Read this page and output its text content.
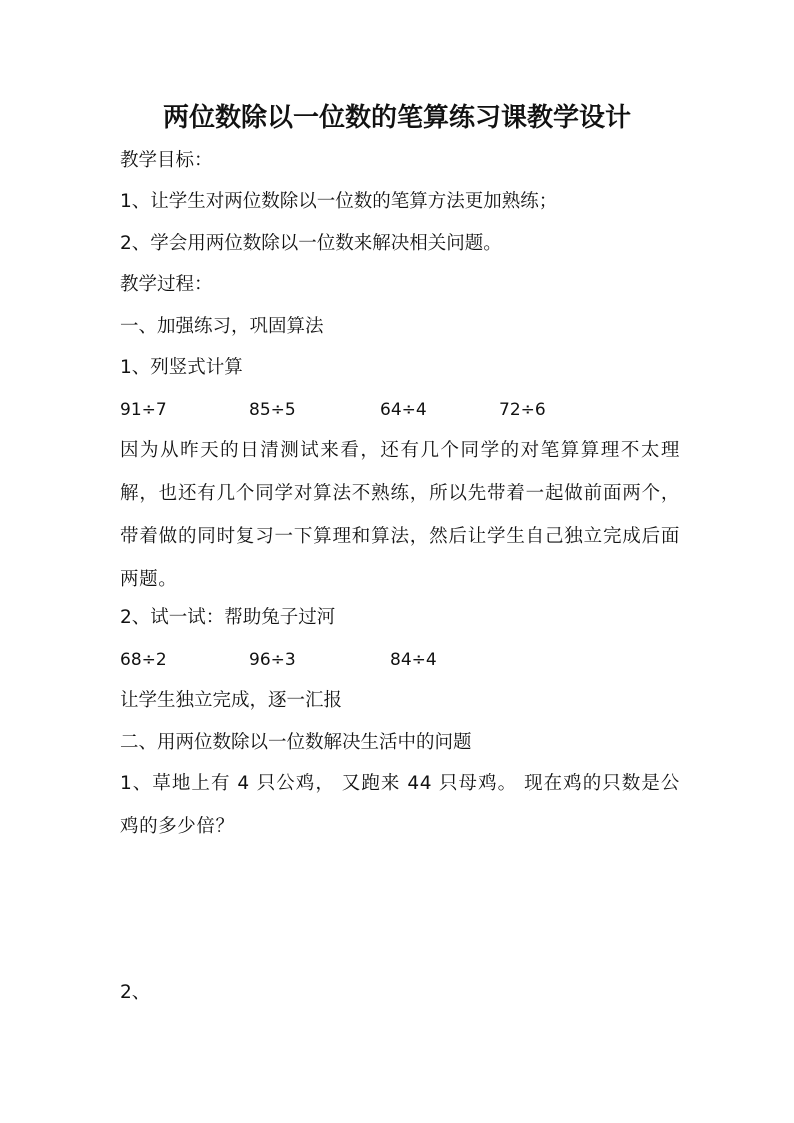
两位数除以一位数的笔算练习课教学设计
教学目标：
1、让学生对两位数除以一位数的笔算方法更加熟练；
2、学会用两位数除以一位数来解决相关问题。
教学过程：
一、加强练习，巩固算法
1、列竖式计算
91÷7	85÷5	64÷4	72÷6
因为从昨天的日清测试来看，还有几个同学的对笔算算理不太理解，也还有几个同学对算法不熟练，所以先带着一起做前面两个，带着做的同时复习一下算理和算法，然后让学生自己独立完成后面两题。
2、试一试：帮助兔子过河
68÷2	96÷3	84÷4
让学生独立完成，逐一汇报
二、用两位数除以一位数解决生活中的问题
1、草地上有 4 只公鸡， 又跑来 44 只母鸡。 现在鸡的只数是公鸡的多少倍？
2、
